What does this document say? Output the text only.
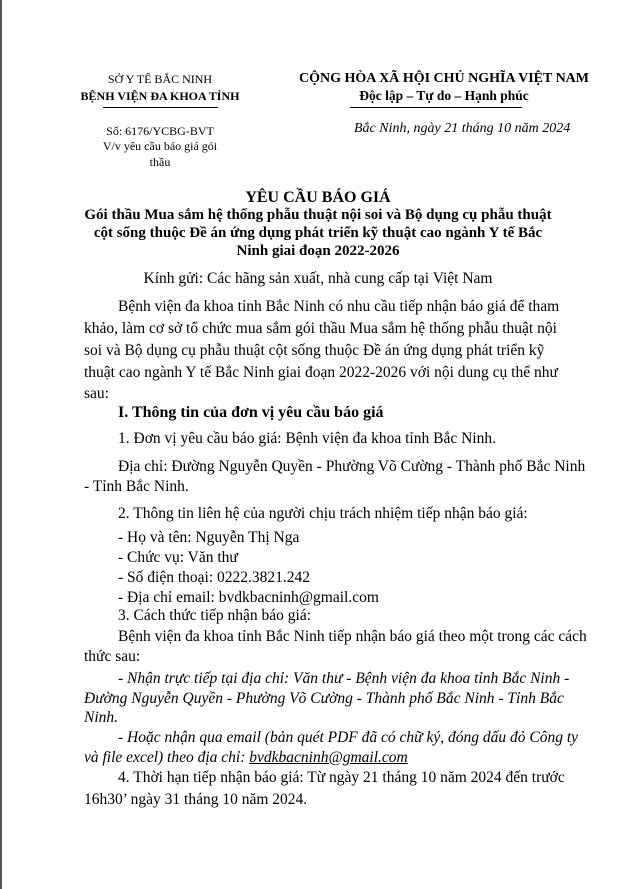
SỞ Y TẾ BẮC NINH
BỆNH VIỆN ĐA KHOA TỈNH
CỘNG HÒA XÃ HỘI CHỦ NGHĨA VIỆT NAM
Độc lập – Tự do – Hạnh phúc
Số: 6176/YCBG-BVT
V/v yêu cầu báo giá gói
thầu
Bắc Ninh, ngày 21 tháng 10 năm 2024
YÊU CẦU BÁO GIÁ
Gói thầu Mua sắm hệ thống phẫu thuật nội soi và Bộ dụng cụ phẫu thuật
cột sống thuộc Đề án ứng dụng phát triển kỹ thuật cao ngành Y tế Bắc
Ninh giai đoạn 2022-2026
Kính gửi: Các hãng sản xuất, nhà cung cấp tại Việt Nam
Bệnh viện đa khoa tỉnh Bắc Ninh có nhu cầu tiếp nhận báo giá để tham
khảo, làm cơ sở tổ chức mua sắm gói thầu Mua sắm hệ thống phẫu thuật nội
soi và Bộ dụng cụ phẫu thuật cột sống thuộc Đề án ứng dụng phát triển kỹ
thuật cao ngành Y tế Bắc Ninh giai đoạn 2022-2026 với nội dung cụ thể như
sau:
I. Thông tin của đơn vị yêu cầu báo giá
1. Đơn vị yêu cầu báo giá: Bệnh viện đa khoa tỉnh Bắc Ninh.
Địa chỉ: Đường Nguyễn Quyền - Phường Võ Cường - Thành phố Bắc Ninh
- Tỉnh Bắc Ninh.
2. Thông tin liên hệ của người chịu trách nhiệm tiếp nhận báo giá:
- Họ và tên: Nguyễn Thị Nga
- Chức vụ: Văn thư
- Số điện thoại: 0222.3821.242
- Địa chỉ email: bvdkbacninh@gmail.com
3. Cách thức tiếp nhận báo giá:
Bệnh viện đa khoa tỉnh Bắc Ninh tiếp nhận báo giá theo một trong các cách
thức sau:
- Nhận trực tiếp tại địa chỉ: Văn thư - Bệnh viện đa khoa tỉnh Bắc Ninh -
Đường Nguyễn Quyền - Phường Võ Cường - Thành phố Bắc Ninh - Tỉnh Bắc
Ninh.
- Hoặc nhận qua email (bản quét PDF đã có chữ ký, đóng dấu đỏ Công ty
và file excel) theo địa chỉ: bvdkbacninh@gmail.com
4. Thời hạn tiếp nhận báo giá: Từ ngày 21 tháng 10 năm 2024 đến trước
16h30’ ngày 31 tháng 10 năm 2024.
